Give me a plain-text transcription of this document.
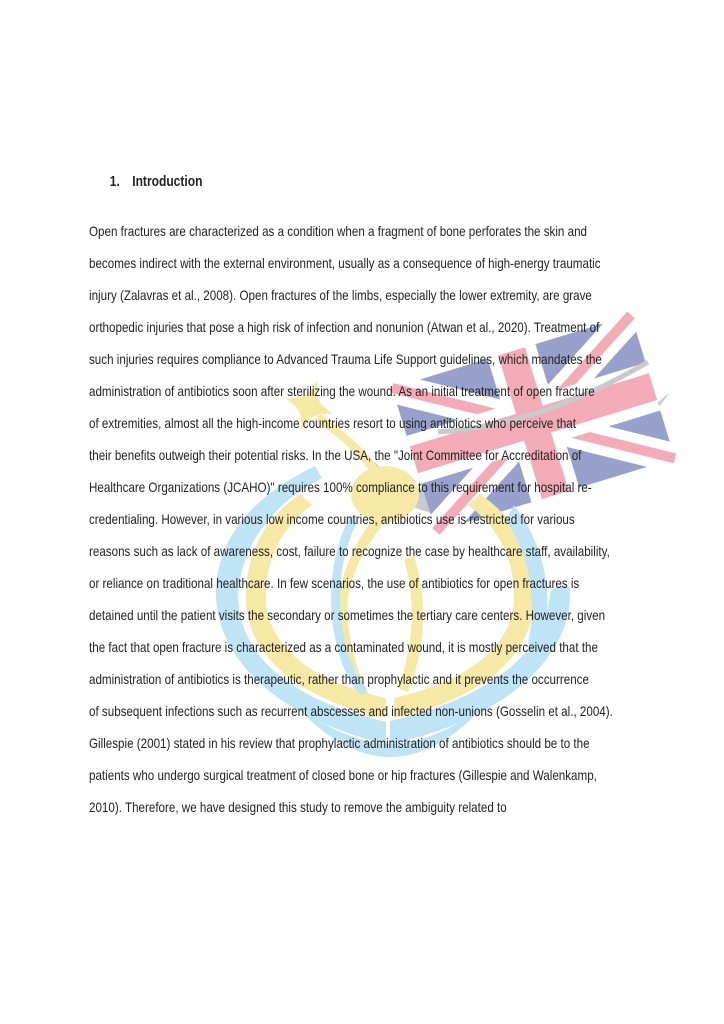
1. Introduction
Open fractures are characterized as a condition when a fragment of bone perforates the skin and
becomes indirect with the external environment, usually as a consequence of high-energy traumatic
injury (Zalavras et al., 2008). Open fractures of the limbs, especially the lower extremity, are grave
orthopedic injuries that pose a high risk of infection and nonunion (Atwan et al., 2020). Treatment of
such injuries requires compliance to Advanced Trauma Life Support guidelines, which mandates the
administration of antibiotics soon after sterilizing the wound. As an initial treatment of open fracture
of extremities, almost all the high-income countries resort to using antibiotics who perceive that
their benefits outweigh their potential risks. In the USA, the "Joint Committee for Accreditation of
Healthcare Organizations (JCAHO)" requires 100% compliance to this requirement for hospital re-
credentialing. However, in various low income countries, antibiotics use is restricted for various
reasons such as lack of awareness, cost, failure to recognize the case by healthcare staff, availability,
or reliance on traditional healthcare. In few scenarios, the use of antibiotics for open fractures is
detained until the patient visits the secondary or sometimes the tertiary care centers. However, given
the fact that open fracture is characterized as a contaminated wound, it is mostly perceived that the
administration of antibiotics is therapeutic, rather than prophylactic and it prevents the occurrence
of subsequent infections such as recurrent abscesses and infected non-unions (Gosselin et al., 2004).
Gillespie (2001) stated in his review that prophylactic administration of antibiotics should be to the
patients who undergo surgical treatment of closed bone or hip fractures (Gillespie and Walenkamp,
2010). Therefore, we have designed this study to remove the ambiguity related to
